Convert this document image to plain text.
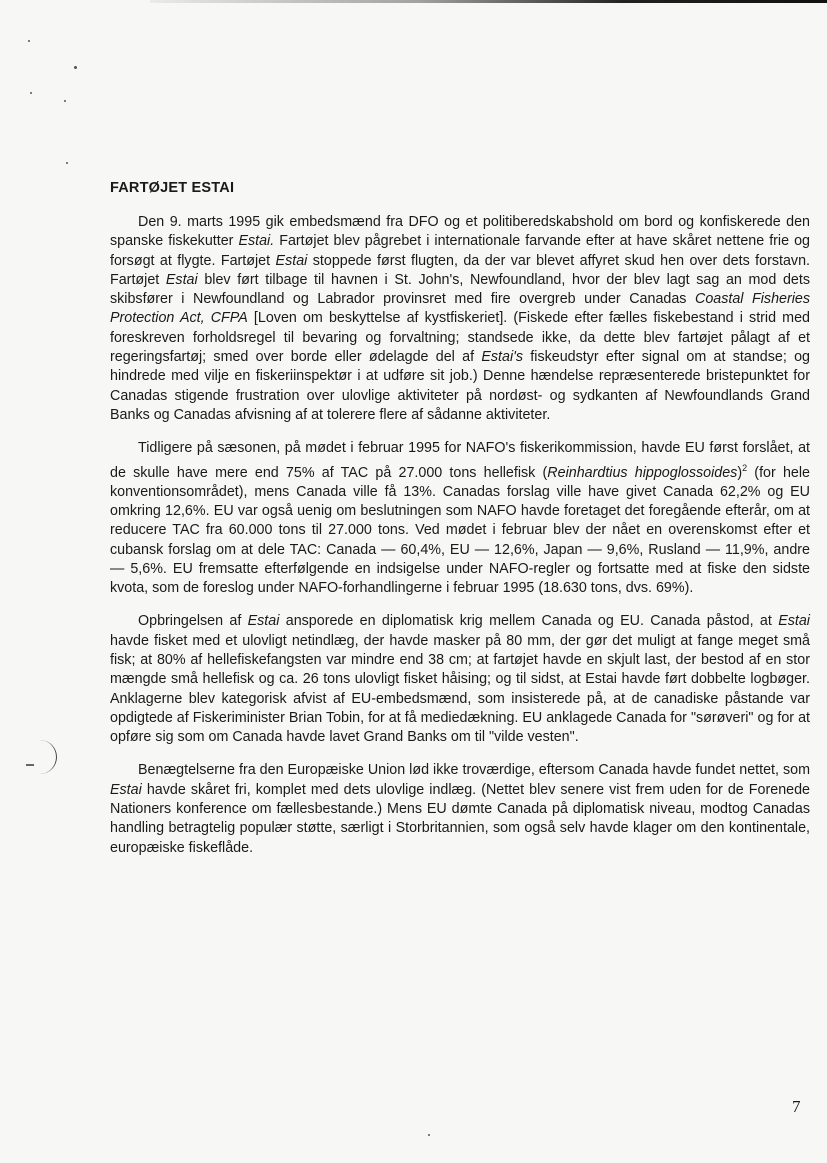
FARTØJET ESTAI

Den 9. marts 1995 gik embedsmænd fra DFO og et politiberedskabshold om bord og konfiskerede den spanske fiskekutter Estai. Fartøjet blev pågrebet i internationale farvande efter at have skåret nettene frie og forsøgt at flygte. Fartøjet Estai stoppede først flugten, da der var blevet affyret skud hen over dets forstavn. Fartøjet Estai blev ført tilbage til havnen i St. John's, Newfoundland, hvor der blev lagt sag an mod dets skibsfører i Newfoundland og Labrador provinsret med fire overgreb under Canadas Coastal Fisheries Protection Act, CFPA [Loven om beskyttelse af kystfiskeriet]. (Fiskede efter fælles fiskebestand i strid med foreskreven forholdsregel til bevaring og forvaltning; standsede ikke, da dette blev fartøjet pålagt af et regeringsfartøj; smed over borde eller ødelagde del af Estai's fiskeudstyr efter signal om at standse; og hindrede med vilje en fiskeriinspektør i at udføre sit job.) Denne hændelse repræsenterede bristepunktet for Canadas stigende frustration over ulovlige aktiviteter på nordøst- og sydkanten af Newfoundlands Grand Banks og Canadas afvisning af at tolerere flere af sådanne aktiviteter.

Tidligere på sæsonen, på mødet i februar 1995 for NAFO's fiskerikommission, havde EU først forslået, at de skulle have mere end 75% af TAC på 27.000 tons hellefisk (Reinhardtius hippoglossoides)$^2$ (for hele konventionsområdet), mens Canada ville få 13%. Canadas forslag ville have givet Canada 62,2% og EU omkring 12,6%. EU var også uenig om beslutningen som NAFO havde foretaget det foregående efterår, om at reducere TAC fra 60.000 tons til 27.000 tons. Ved mødet i februar blev der nået en overenskomst efter et cubansk forslag om at dele TAC: Canada — 60,4%, EU — 12,6%, Japan — 9,6%, Rusland — 11,9%, andre — 5,6%. EU fremsatte efterfølgende en indsigelse under NAFO-regler og fortsatte med at fiske den sidste kvota, som de foreslog under NAFO-forhandlingerne i februar 1995 (18.630 tons, dvs. 69%).

Opbringelsen af Estai ansporede en diplomatisk krig mellem Canada og EU. Canada påstod, at Estai havde fisket med et ulovligt netindlæg, der havde masker på 80 mm, der gør det muligt at fange meget små fisk; at 80% af hellefiskefangsten var mindre end 38 cm; at fartøjet havde en skjult last, der bestod af en stor mængde små hellefisk og ca. 26 tons ulovligt fisket håising; og til sidst, at Estai havde ført dobbelte logbøger. Anklagerne blev kategorisk afvist af EU-embedsmænd, som insisterede på, at de canadiske påstande var opdigtede af Fiskeriminister Brian Tobin, for at få mediedækning. EU anklagede Canada for "sørøveri" og for at opføre sig som om Canada havde lavet Grand Banks om til "vilde vesten".

Benægtelserne fra den Europæiske Union lød ikke troværdige, eftersom Canada havde fundet nettet, som Estai havde skåret fri, komplet med dets ulovlige indlæg. (Nettet blev senere vist frem uden for de Forenede Nationers konference om fællesbestande.) Mens EU dømte Canada på diplomatisk niveau, modtog Canadas handling betragtelig populær støtte, særligt i Storbritannien, som også selv havde klager om den kontinentale, europæiske fiskeflåde.

7
